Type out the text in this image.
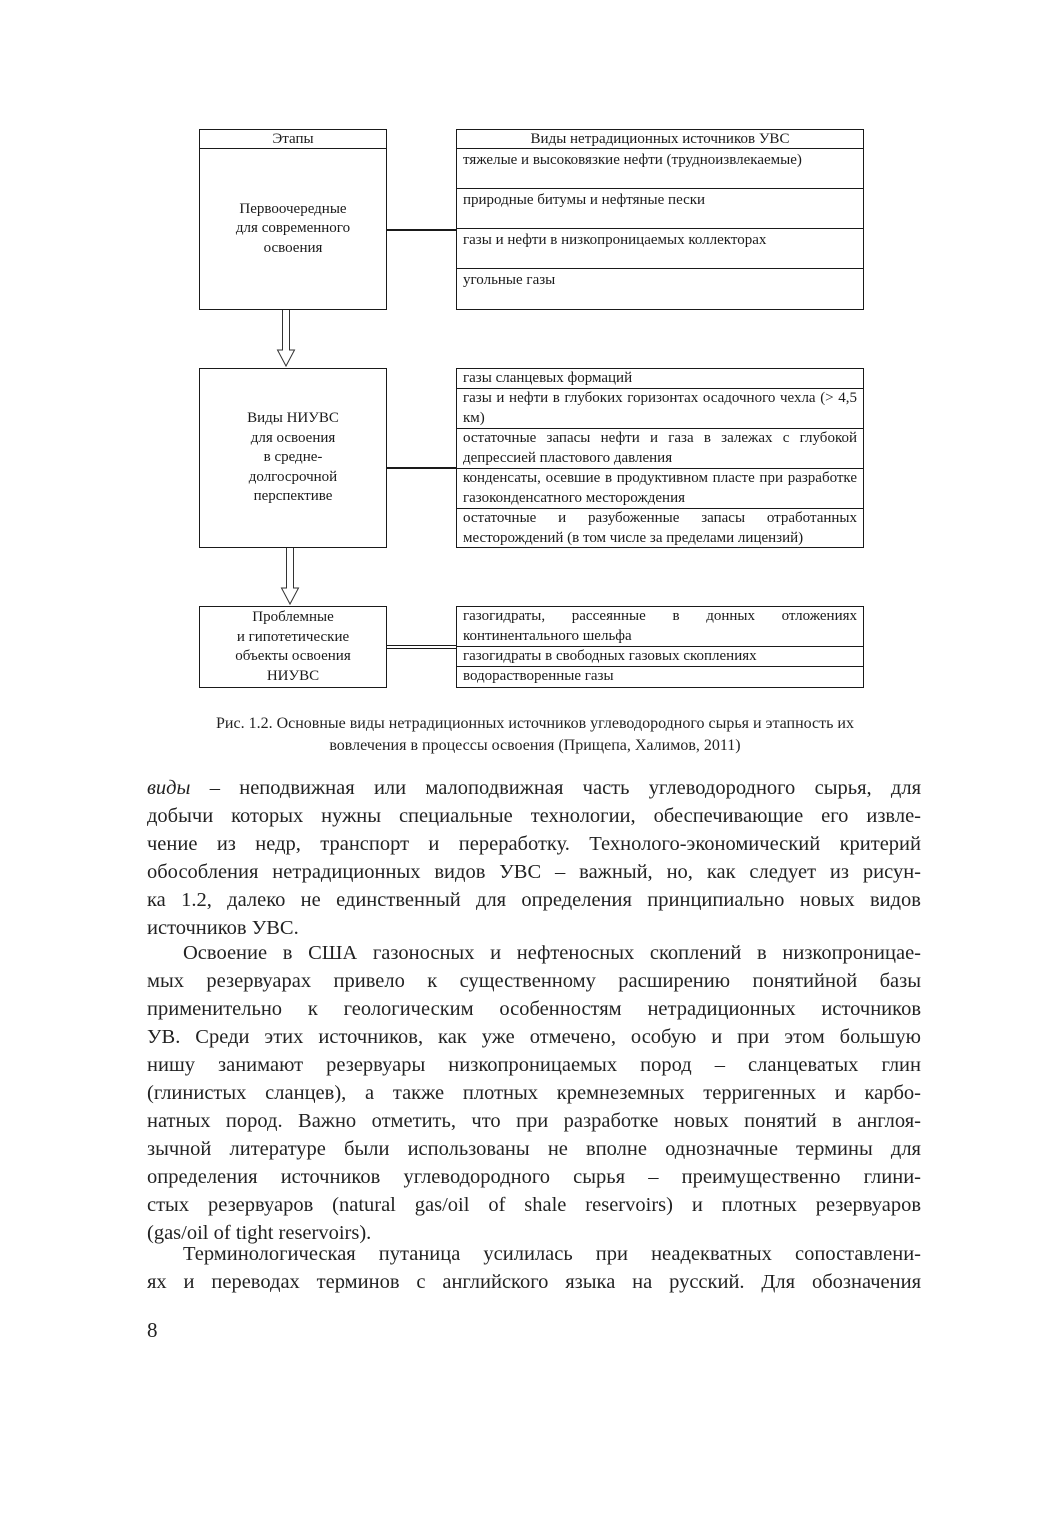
Этапы
Первоочередные
для современного
освоения
Виды нетрадиционных источников УВС
тяжелые и высоковязкие нефти (трудноизвлекаемые)
природные битумы и нефтяные пески
газы и нефти в низкопроницаемых коллекторах
угольные газы
Виды НИУВС
для освоения
в средне-
долгосрочной
перспективе
газы сланцевых формаций
газы и нефти в глубоких горизонтах осадочного чехла (> 4,5 км)
остаточные запасы нефти и газа в залежах с глубокой депрессией пластового давления
конденсаты, осевшие в продуктивном пласте при разработке газоконденсатного месторождения
остаточные и разубоженные запасы отработанных месторождений (в том числе за пределами лицензий)
Проблемные
и гипотетические
объекты освоения
НИУВС
газогидраты, рассеянные в донных отложениях континентального шельфа
газогидраты в свободных газовых скоплениях
водорастворенные газы
Рис. 1.2. Основные виды нетрадиционных источников углеводородного сырья и этапность их
вовлечения в процессы освоения (Прищепа, Халимов, 2011)
виды – неподвижная или малоподвижная часть углеводородного сырья, для
добычи которых нужны специальные технологии, обеспечивающие его извле-
чение из недр, транспорт и переработку. Технолого-экономический критерий
обособления нетрадиционных видов УВС – важный, но, как следует из рисун-
ка 1.2, далеко не единственный для определения принципиально новых видов
источников УВС.
Освоение в США газоносных и нефтеносных скоплений в низкопроницае-
мых резервуарах привело к существенному расширению понятийной базы
применительно к геологическим особенностям нетрадиционных источников
УВ. Среди этих источников, как уже отмечено, особую и при этом большую
нишу занимают резервуары низкопроницаемых пород – сланцеватых глин
(глинистых сланцев), а также плотных кремнеземных терригенных и карбо-
натных пород. Важно отметить, что при разработке новых понятий в англоя-
зычной литературе были использованы не вполне однозначные термины для
определения источников углеводородного сырья – преимущественно глини-
стых резервуаров (natural gas/oil of shale reservoirs) и плотных резервуаров
(gas/oil of tight reservoirs).
Терминологическая путаница усилилась при неадекватных сопоставлени-
ях и переводах терминов с английского языка на русский. Для обозначения
8
